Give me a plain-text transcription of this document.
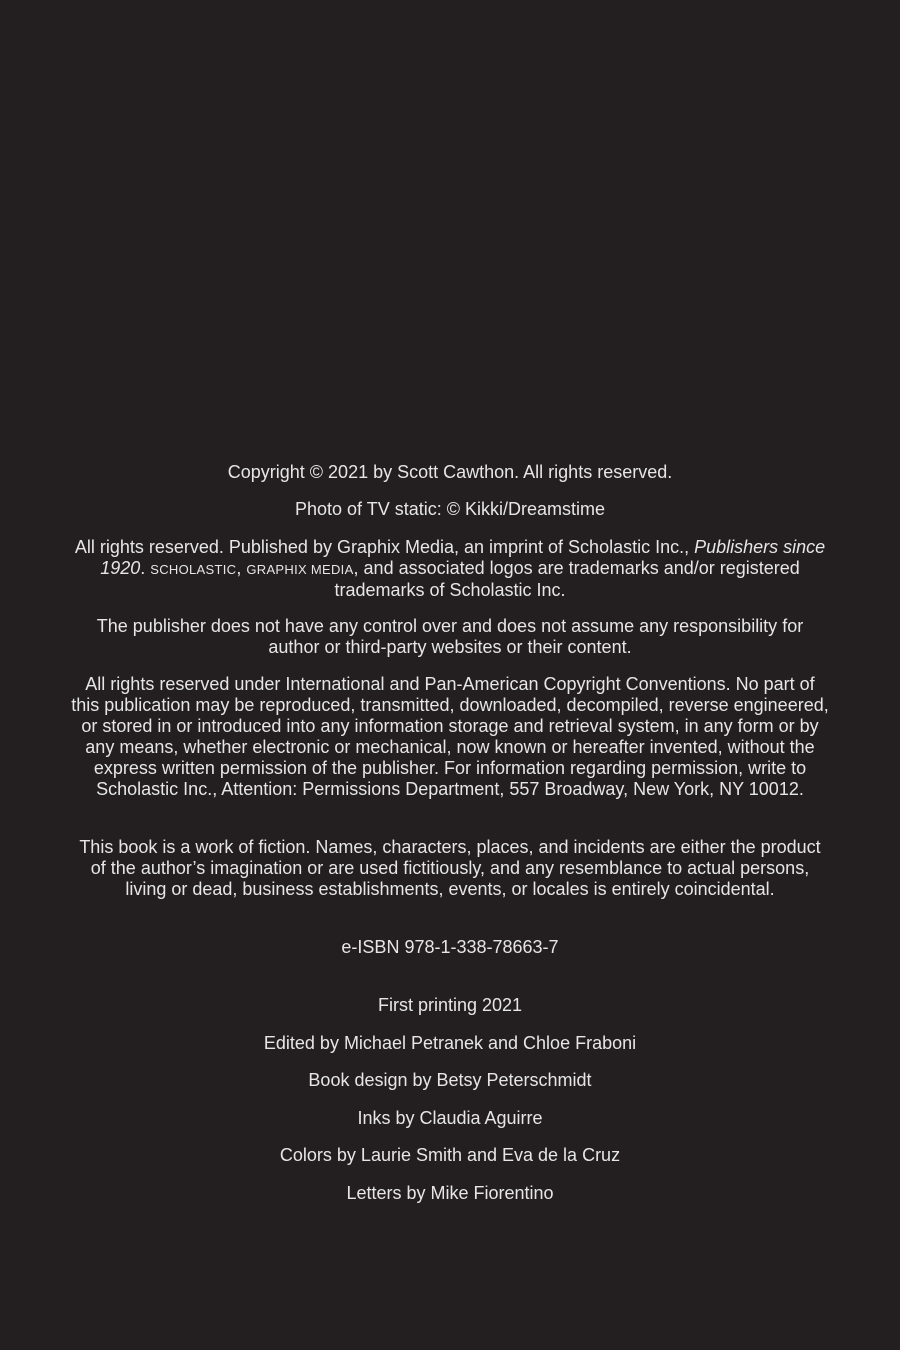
Copyright © 2021 by Scott Cawthon. All rights reserved.

Photo of TV static: © Kikki/Dreamstime

All rights reserved. Published by Graphix Media, an imprint of Scholastic Inc., Publishers since 1920. SCHOLASTIC, GRAPHIX MEDIA, and associated logos are trademarks and/or registered trademarks of Scholastic Inc.

The publisher does not have any control over and does not assume any responsibility for author or third-party websites or their content.

All rights reserved under International and Pan-American Copyright Conventions. No part of this publication may be reproduced, transmitted, downloaded, decompiled, reverse engineered, or stored in or introduced into any information storage and retrieval system, in any form or by any means, whether electronic or mechanical, now known or hereafter invented, without the express written permission of the publisher. For information regarding permission, write to Scholastic Inc., Attention: Permissions Department, 557 Broadway, New York, NY 10012.

This book is a work of fiction. Names, characters, places, and incidents are either the product of the author’s imagination or are used fictitiously, and any resemblance to actual persons, living or dead, business establishments, events, or locales is entirely coincidental.

e-ISBN 978-1-338-78663-7

First printing 2021

Edited by Michael Petranek and Chloe Fraboni

Book design by Betsy Peterschmidt

Inks by Claudia Aguirre

Colors by Laurie Smith and Eva de la Cruz

Letters by Mike Fiorentino
